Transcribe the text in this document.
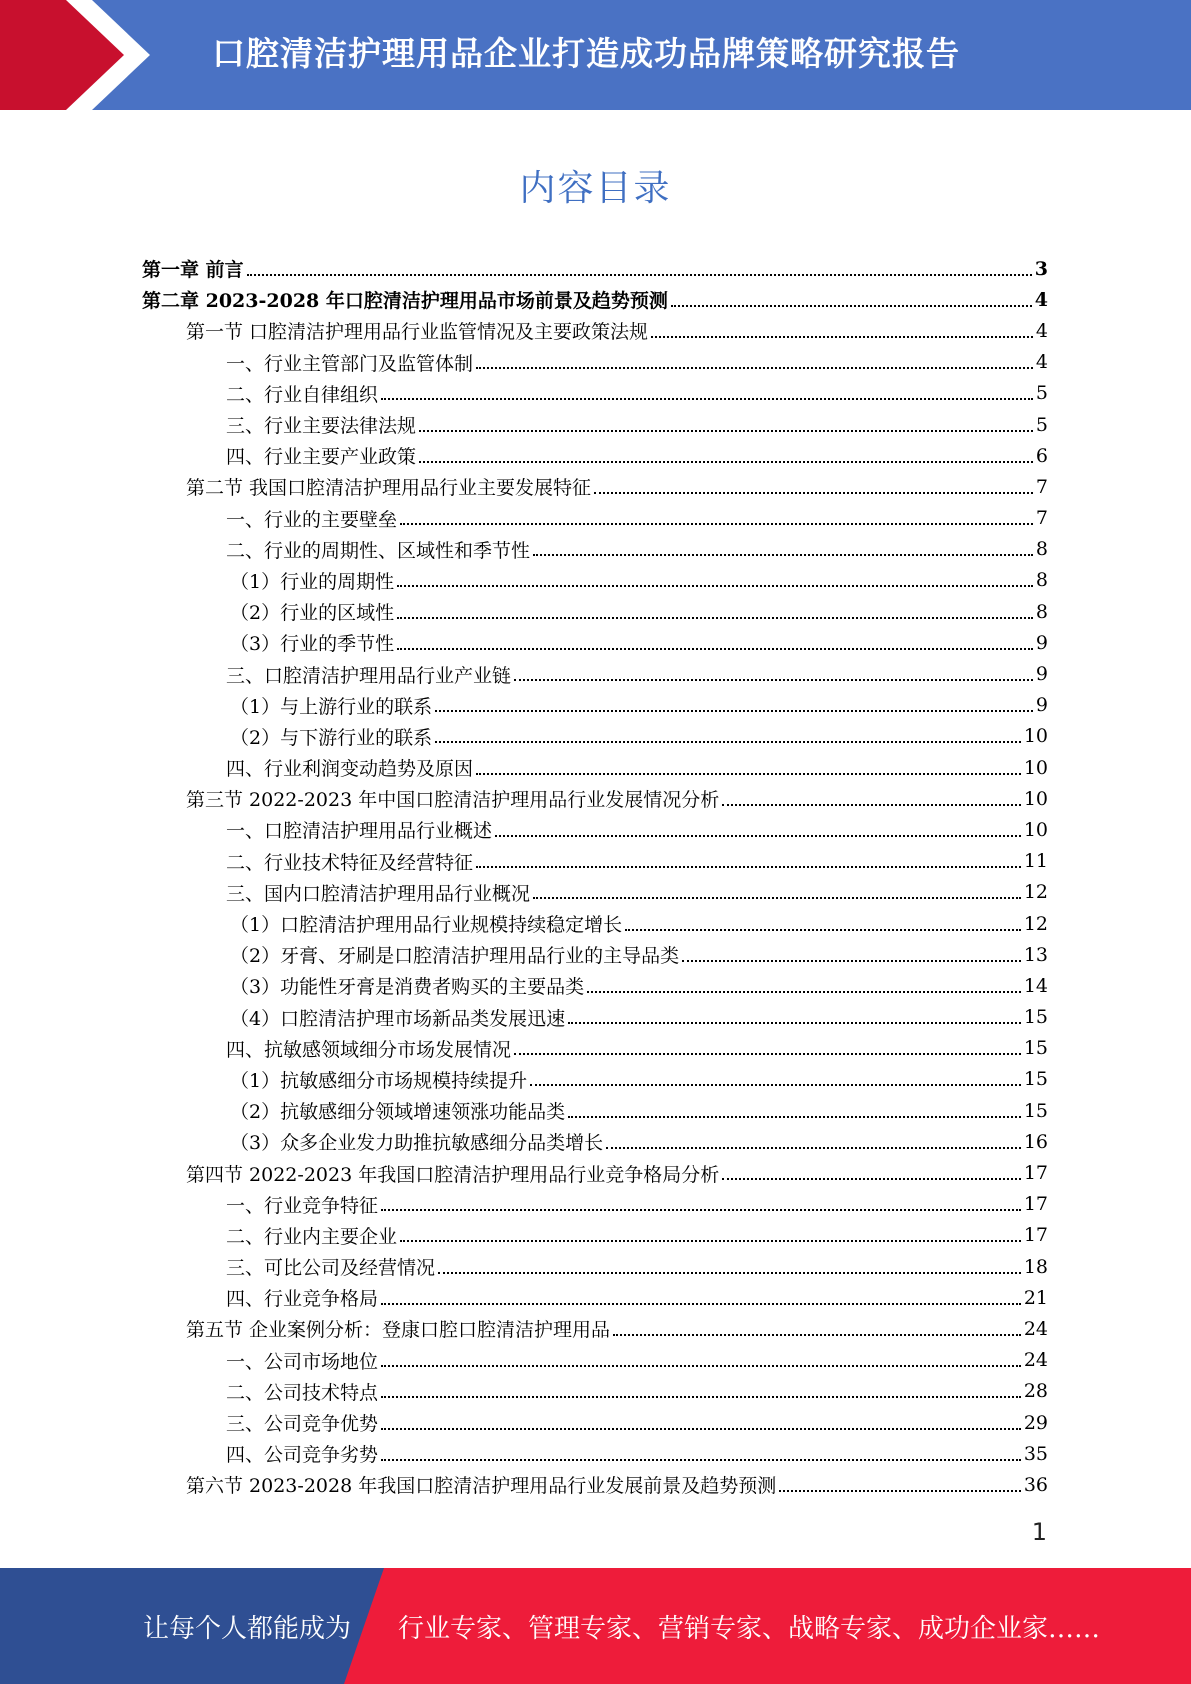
口腔清洁护理用品企业打造成功品牌策略研究报告
内容目录
第一章 前言	3
第二章 2023-2028 年口腔清洁护理用品市场前景及趋势预测	4
第一节 口腔清洁护理用品行业监管情况及主要政策法规	4
一、行业主管部门及监管体制	4
二、行业自律组织	5
三、行业主要法律法规	5
四、行业主要产业政策	6
第二节 我国口腔清洁护理用品行业主要发展特征	7
一、行业的主要壁垒	7
二、行业的周期性、区域性和季节性	8
（1）行业的周期性	8
（2）行业的区域性	8
（3）行业的季节性	9
三、口腔清洁护理用品行业产业链	9
（1）与上游行业的联系	9
（2）与下游行业的联系	10
四、行业利润变动趋势及原因	10
第三节 2022-2023 年中国口腔清洁护理用品行业发展情况分析	10
一、口腔清洁护理用品行业概述	10
二、行业技术特征及经营特征	11
三、国内口腔清洁护理用品行业概况	12
（1）口腔清洁护理用品行业规模持续稳定增长	12
（2）牙膏、牙刷是口腔清洁护理用品行业的主导品类	13
（3）功能性牙膏是消费者购买的主要品类	14
（4）口腔清洁护理市场新品类发展迅速	15
四、抗敏感领域细分市场发展情况	15
（1）抗敏感细分市场规模持续提升	15
（2）抗敏感细分领域增速领涨功能品类	15
（3）众多企业发力助推抗敏感细分品类增长	16
第四节 2022-2023 年我国口腔清洁护理用品行业竞争格局分析	17
一、行业竞争特征	17
二、行业内主要企业	17
三、可比公司及经营情况	18
四、行业竞争格局	21
第五节 企业案例分析：登康口腔口腔清洁护理用品	24
一、公司市场地位	24
二、公司技术特点	28
三、公司竞争优势	29
四、公司竞争劣势	35
第六节 2023-2028 年我国口腔清洁护理用品行业发展前景及趋势预测	36
1
让每个人都能成为 行业专家、管理专家、营销专家、战略专家、成功企业家……
